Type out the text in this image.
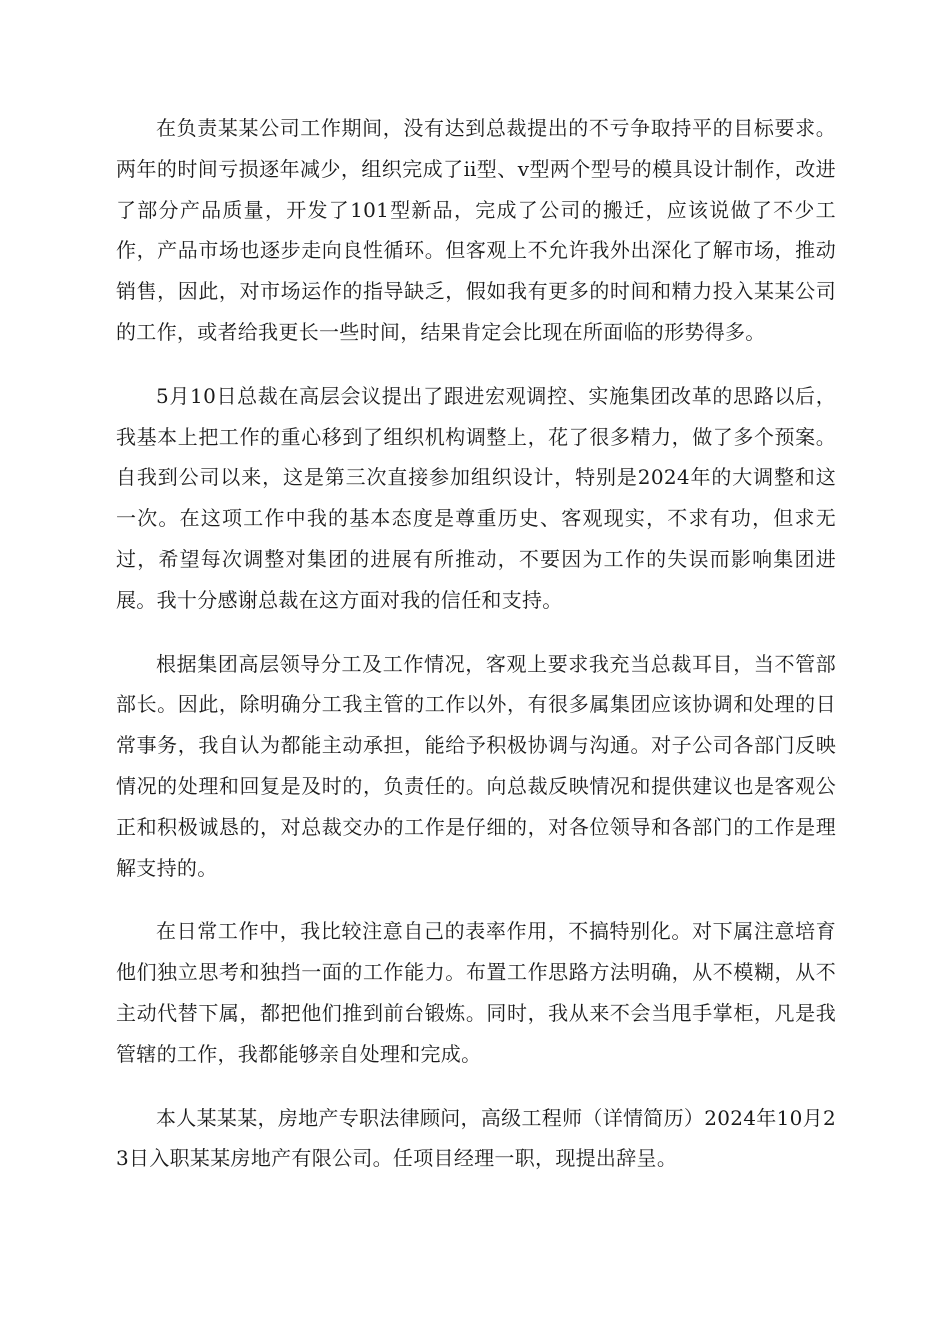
在负责某某公司工作期间，没有达到总裁提出的不亏争取持平的目标要求。两年的时间亏损逐年减少，组织完成了ⅱ型、ⅴ型两个型号的模具设计制作，改进了部分产品质量，开发了101型新品，完成了公司的搬迁，应该说做了不少工作，产品市场也逐步走向良性循环。但客观上不允许我外出深化了解市场，推动销售，因此，对市场运作的指导缺乏，假如我有更多的时间和精力投入某某公司的工作，或者给我更长一些时间，结果肯定会比现在所面临的形势得多。

5月10日总裁在高层会议提出了跟进宏观调控、实施集团改革的思路以后，我基本上把工作的重心移到了组织机构调整上，花了很多精力，做了多个预案。自我到公司以来，这是第三次直接参加组织设计，特别是2024年的大调整和这一次。在这项工作中我的基本态度是尊重历史、客观现实，不求有功，但求无过，希望每次调整对集团的进展有所推动，不要因为工作的失误而影响集团进展。我十分感谢总裁在这方面对我的信任和支持。

根据集团高层领导分工及工作情况，客观上要求我充当总裁耳目，当不管部部长。因此，除明确分工我主管的工作以外，有很多属集团应该协调和处理的日常事务，我自认为都能主动承担，能给予积极协调与沟通。对子公司各部门反映情况的处理和回复是及时的，负责任的。向总裁反映情况和提供建议也是客观公正和积极诚恳的，对总裁交办的工作是仔细的，对各位领导和各部门的工作是理解支持的。

在日常工作中，我比较注意自己的表率作用，不搞特别化。对下属注意培育他们独立思考和独挡一面的工作能力。布置工作思路方法明确，从不模糊，从不主动代替下属，都把他们推到前台锻炼。同时，我从来不会当甩手掌柜，凡是我管辖的工作，我都能够亲自处理和完成。

本人某某某，房地产专职法律顾问，高级工程师（详情简历）2024年10月23日入职某某房地产有限公司。任项目经理一职，现提出辞呈。
